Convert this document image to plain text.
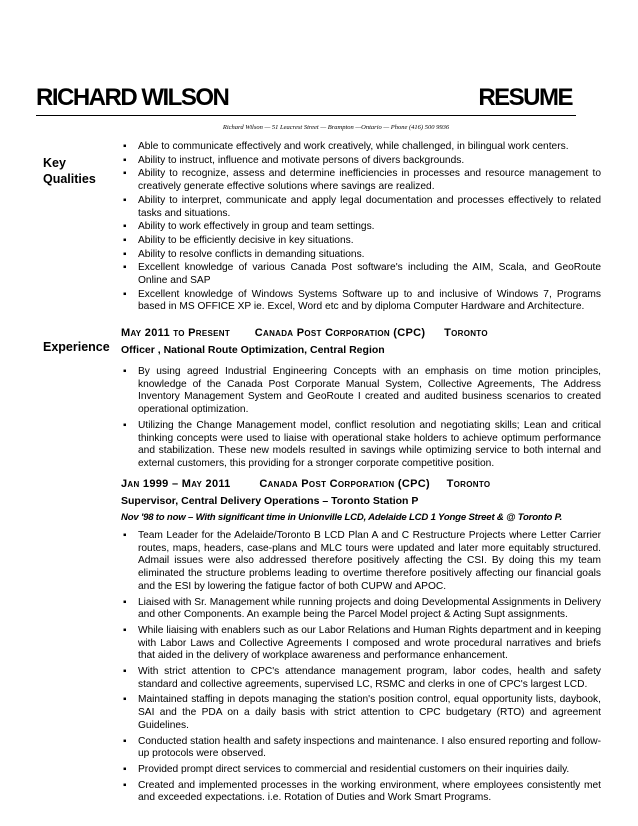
RICHARD WILSON	RESUME
Richard Wilson — 51 Leacrest Street — Brampton —Ontario — Phone (416) 500 9936
Key
Qualities
Experience
▪ Able to communicate effectively and work creatively, while challenged, in bilingual work centers.
▪ Ability to instruct, influence and motivate persons of divers backgrounds.
▪ Ability to recognize, assess and determine inefficiencies in processes and resource management to creatively generate effective solutions where savings are realized.
▪ Ability to interpret, communicate and apply legal documentation and processes effectively to related tasks and situations.
▪ Ability to work effectively in group and team settings.
▪ Ability to be efficiently decisive in key situations.
▪ Ability to resolve conflicts in demanding situations.
▪ Excellent knowledge of various Canada Post software's including the AIM, Scala, and GeoRoute Online and SAP
▪ Excellent knowledge of Windows Systems Software up to and inclusive of Windows 7, Programs based in MS OFFICE XP ie. Excel, Word etc and by diploma Computer Hardware and Architecture.
May 2011 to Present Canada Post Corporation (CPC) Toronto
Officer , National Route Optimization, Central Region
▪ By using agreed Industrial Engineering Concepts with an emphasis on time motion principles, knowledge of the Canada Post Corporate Manual System, Collective Agreements, The Address Inventory Management System and GeoRoute I created and audited business scenarios to created operational optimization.
▪ Utilizing the Change Management model, conflict resolution and negotiating skills; Lean and critical thinking concepts were used to liaise with operational stake holders to achieve optimum performance and stabilization. These new models resulted in savings while optimizing service to both internal and external customers, this providing for a stronger corporate competitive position.
Jan 1999 – May 2011	Canada Post Corporation (CPC) Toronto
Supervisor, Central Delivery Operations – Toronto Station P
Nov '98 to now – With significant time in Unionville LCD, Adelaide LCD 1 Yonge Street & @ Toronto P.
▪ Team Leader for the Adelaide/Toronto B LCD Plan A and C Restructure Projects where Letter Carrier routes, maps, headers, case-plans and MLC tours were updated and later more equitably structured. Admail issues were also addressed therefore positively affecting the CSI. By doing this my team eliminated the structure problems leading to overtime therefore positively affecting our financial goals and the ESI by lowering the fatigue factor of both CUPW and APOC.
▪ Liaised with Sr. Management while running projects and doing Developmental Assignments in Delivery and other Components. An example being the Parcel Model project & Acting Supt assignments.
▪ While liaising with enablers such as our Labor Relations and Human Rights department and in keeping with Labor Laws and Collective Agreements I composed and wrote procedural narratives and briefs that aided in the delivery of workplace awareness and performance enhancement.
▪ With strict attention to CPC's attendance management program, labor codes, health and safety standard and collective agreements, supervised LC, RSMC and clerks in one of CPC's largest LCD.
▪ Maintained staffing in depots managing the station's position control, equal opportunity lists, daybook, SAI and the PDA on a daily basis with strict attention to CPC budgetary (RTO) and agreement Guidelines.
▪ Conducted station health and safety inspections and maintenance. I also ensured reporting and follow-up protocols were observed.
▪ Provided prompt direct services to commercial and residential customers on their inquiries daily.
▪ Created and implemented processes in the working environment, where employees consistently met and exceeded expectations. i.e. Rotation of Duties and Work Smart Programs.
